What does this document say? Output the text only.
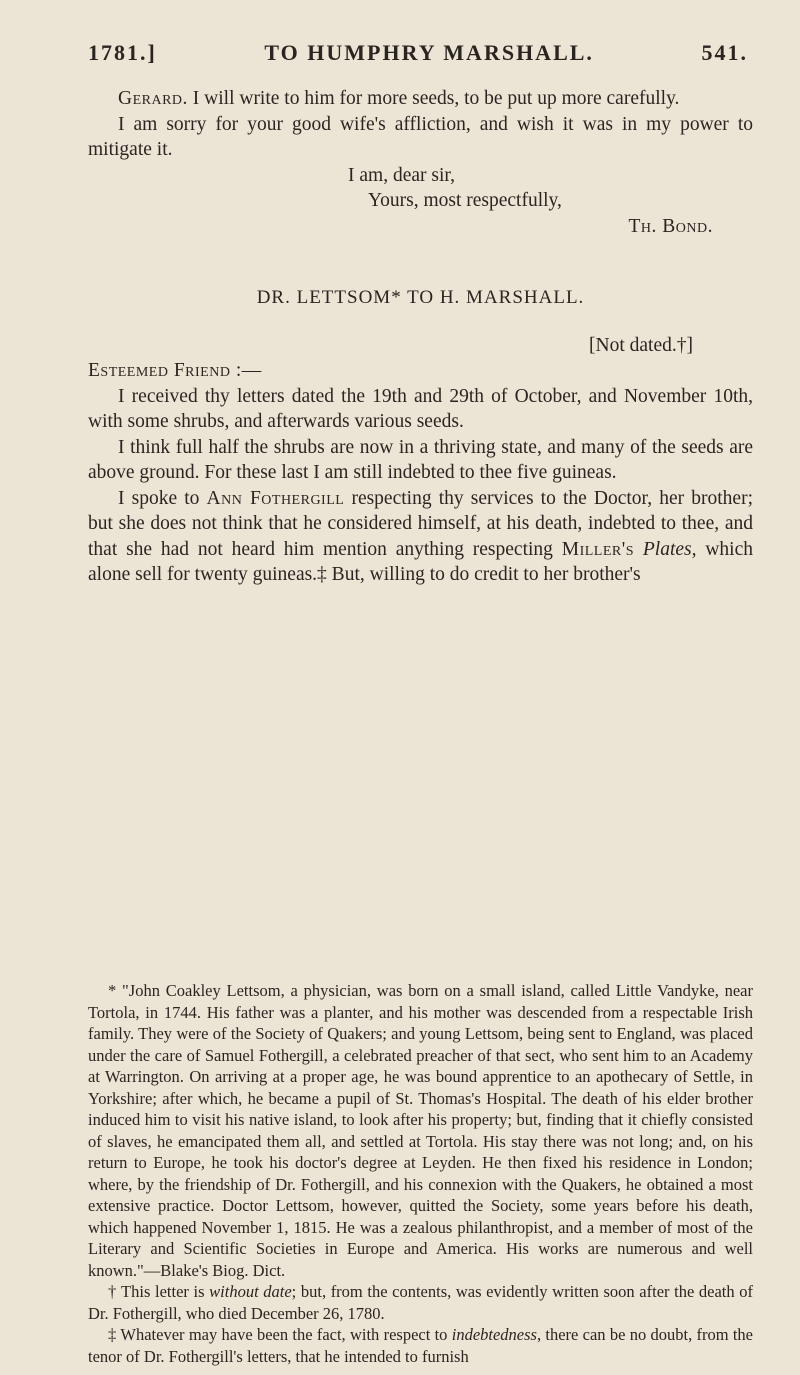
1781.]	TO HUMPHRY MARSHALL.	541.

Gerard. I will write to him for more seeds, to be put up more carefully.

I am sorry for your good wife's affliction, and wish it was in my power to mitigate it.

I am, dear sir,

Yours, most respectfully,

Th. Bond.

DR. LETTSOM* TO H. MARSHALL.

[Not dated.†]

Esteemed Friend :—

I received thy letters dated the 19th and 29th of October, and November 10th, with some shrubs, and afterwards various seeds.

I think full half the shrubs are now in a thriving state, and many of the seeds are above ground. For these last I am still indebted to thee five guineas.

I spoke to Ann Fothergill respecting thy services to the Doctor, her brother; but she does not think that he considered himself, at his death, indebted to thee, and that she had not heard him mention anything respecting Miller's Plates, which alone sell for twenty guineas.‡ But, willing to do credit to her brother's

* "John Coakley Lettsom, a physician, was born on a small island, called Little Vandyke, near Tortola, in 1744. His father was a planter, and his mother was descended from a respectable Irish family. They were of the Society of Quakers; and young Lettsom, being sent to England, was placed under the care of Samuel Fothergill, a celebrated preacher of that sect, who sent him to an Academy at Warrington. On arriving at a proper age, he was bound apprentice to an apothecary of Settle, in Yorkshire; after which, he became a pupil of St. Thomas's Hospital. The death of his elder brother induced him to visit his native island, to look after his property; but, finding that it chiefly consisted of slaves, he emancipated them all, and settled at Tortola. His stay there was not long; and, on his return to Europe, he took his doctor's degree at Leyden. He then fixed his residence in London; where, by the friendship of Dr. Fothergill, and his connexion with the Quakers, he obtained a most extensive practice. Doctor Lettsom, however, quitted the Society, some years before his death, which happened November 1, 1815. He was a zealous philanthropist, and a member of most of the Literary and Scientific Societies in Europe and America. His works are numerous and well known."—Blake's Biog. Dict.

† This letter is without date; but, from the contents, was evidently written soon after the death of Dr. Fothergill, who died December 26, 1780.

‡ Whatever may have been the fact, with respect to indebtedness, there can be no doubt, from the tenor of Dr. Fothergill's letters, that he intended to furnish
